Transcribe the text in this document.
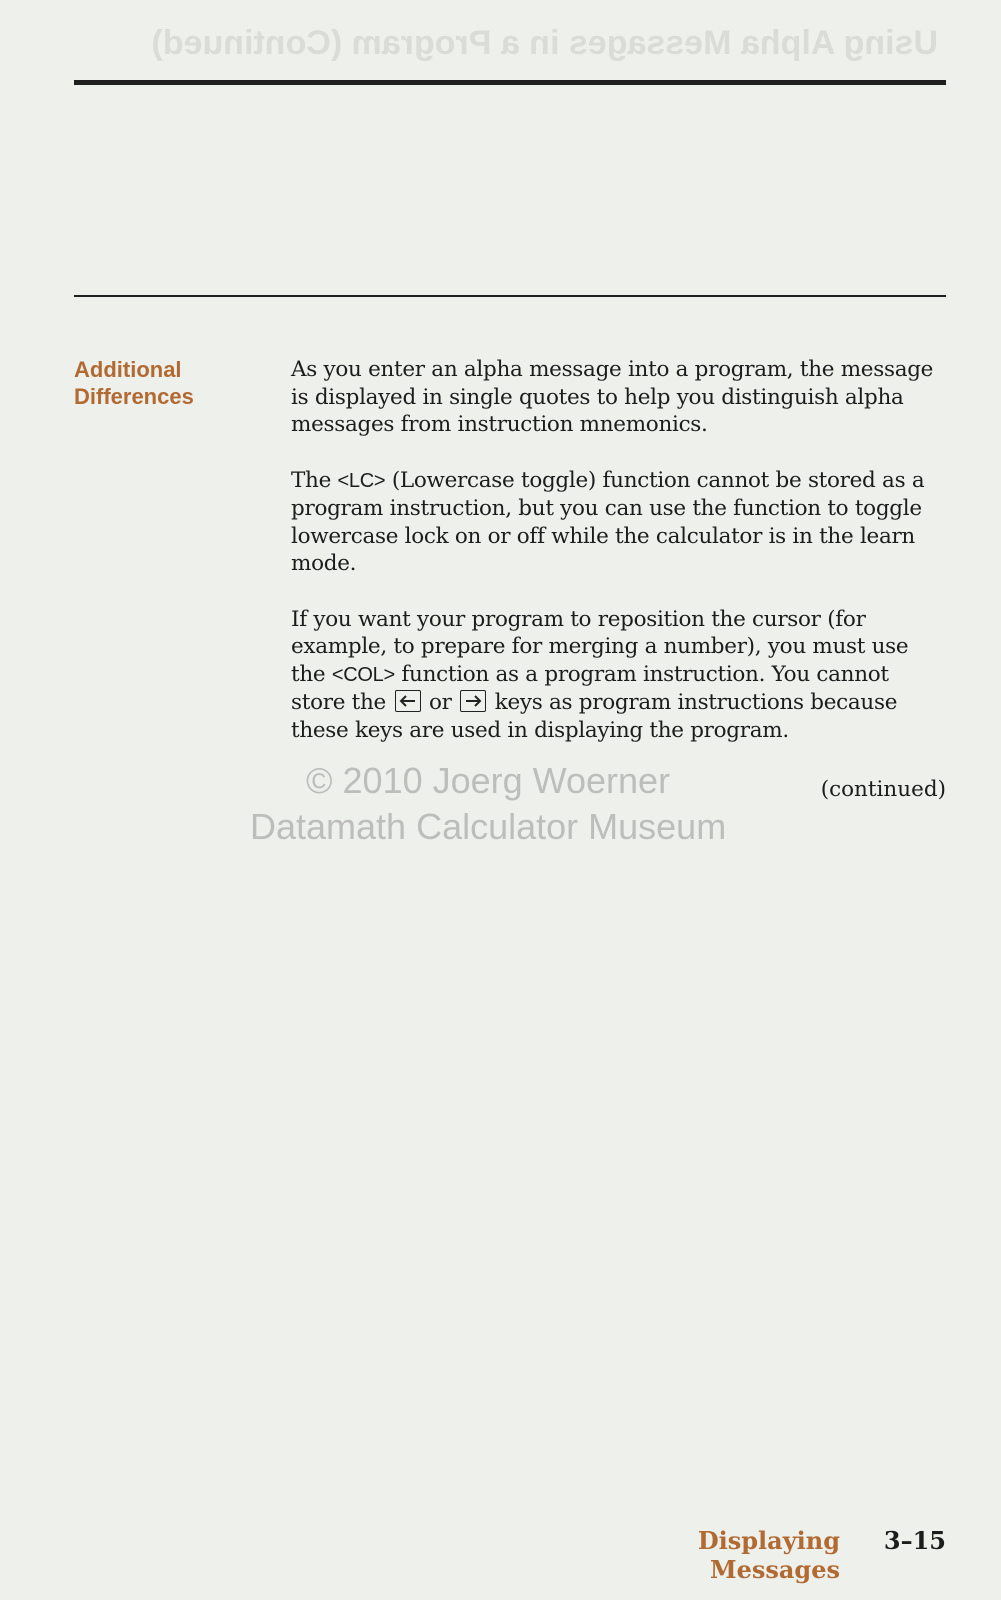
Using Alpha Messages in a Program (Continued)
Additional
Differences

As you enter an alpha message into a program, the message is displayed in single quotes to help you distinguish alpha messages from instruction mnemonics.

The <LC> (Lowercase toggle) function cannot be stored as a program instruction, but you can use the function to toggle lowercase lock on or off while the calculator is in the learn mode.

If you want your program to reposition the cursor (for example, to prepare for merging a number), you must use the <COL> function as a program instruction. You cannot store the
or
keys as program instructions because these keys are used in displaying the program.

(continued)
© 2010 Joerg Woerner
Datamath Calculator Museum
Displaying Messages
3–15
